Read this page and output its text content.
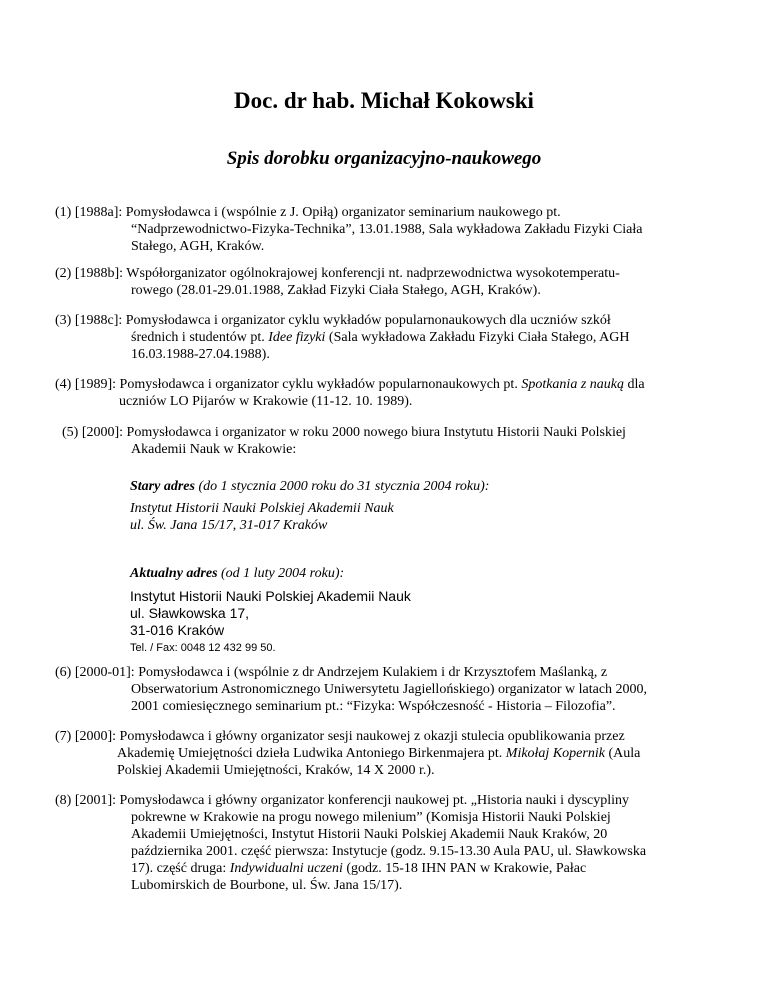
Doc. dr hab. Michał Kokowski
Spis dorobku organizacyjno-naukowego
(1) [1988a]: Pomysłodawca i (wspólnie z J. Opiłą) organizator seminarium naukowego pt.
“Nadprzewodnictwo-Fizyka-Technika”, 13.01.1988, Sala wykładowa Zakładu Fizyki Ciała
Stałego, AGH, Kraków.
(2) [1988b]: Współorganizator ogólnokrajowej konferencji nt. nadprzewodnictwa wysokotemperatu-
rowego (28.01-29.01.1988, Zakład Fizyki Ciała Stałego, AGH, Kraków).
(3) [1988c]: Pomysłodawca i organizator cyklu wykładów popularnonaukowych dla uczniów szkół
średnich i studentów pt. Idee fizyki (Sala wykładowa Zakładu Fizyki Ciała Stałego, AGH
16.03.1988-27.04.1988).
(4) [1989]: Pomysłodawca i organizator cyklu wykładów popularnonaukowych pt. Spotkania z nauką dla
uczniów LO Pijarów w Krakowie (11-12. 10. 1989).
(5) [2000]: Pomysłodawca i organizator w roku 2000 nowego biura Instytutu Historii Nauki Polskiej
Akademii Nauk w Krakowie:
Stary adres (do 1 stycznia 2000 roku do 31 stycznia 2004 roku):
Instytut Historii Nauki Polskiej Akademii Nauk
ul. Św. Jana 15/17, 31-017 Kraków
Aktualny adres (od 1 luty 2004 roku):
Instytut Historii Nauki Polskiej Akademii Nauk
ul. Sławkowska 17,
31-016 Kraków
Tel. / Fax: 0048 12 432 99 50.
(6) [2000-01]: Pomysłodawca i (wspólnie z dr Andrzejem Kulakiem i dr Krzysztofem Maślanką, z
Obserwatorium Astronomicznego Uniwersytetu Jagiellońskiego) organizator w latach 2000,
2001 comiesięcznego seminarium pt.: “Fizyka: Współczesność - Historia – Filozofia”.
(7) [2000]: Pomysłodawca i główny organizator sesji naukowej z okazji stulecia opublikowania przez
Akademię Umiejętności dzieła Ludwika Antoniego Birkenmajera pt. Mikołaj Kopernik (Aula
Polskiej Akademii Umiejętności, Kraków, 14 X 2000 r.).
(8) [2001]: Pomysłodawca i główny organizator konferencji naukowej pt. „Historia nauki i dyscypliny
pokrewne w Krakowie na progu nowego milenium” (Komisja Historii Nauki Polskiej
Akademii Umiejętności, Instytut Historii Nauki Polskiej Akademii Nauk Kraków, 20
października 2001. część pierwsza: Instytucje (godz. 9.15-13.30 Aula PAU, ul. Sławkowska
17). część druga: Indywidualni uczeni (godz. 15-18 IHN PAN w Krakowie, Pałac
Lubomirskich de Bourbone, ul. Św. Jana 15/17).
